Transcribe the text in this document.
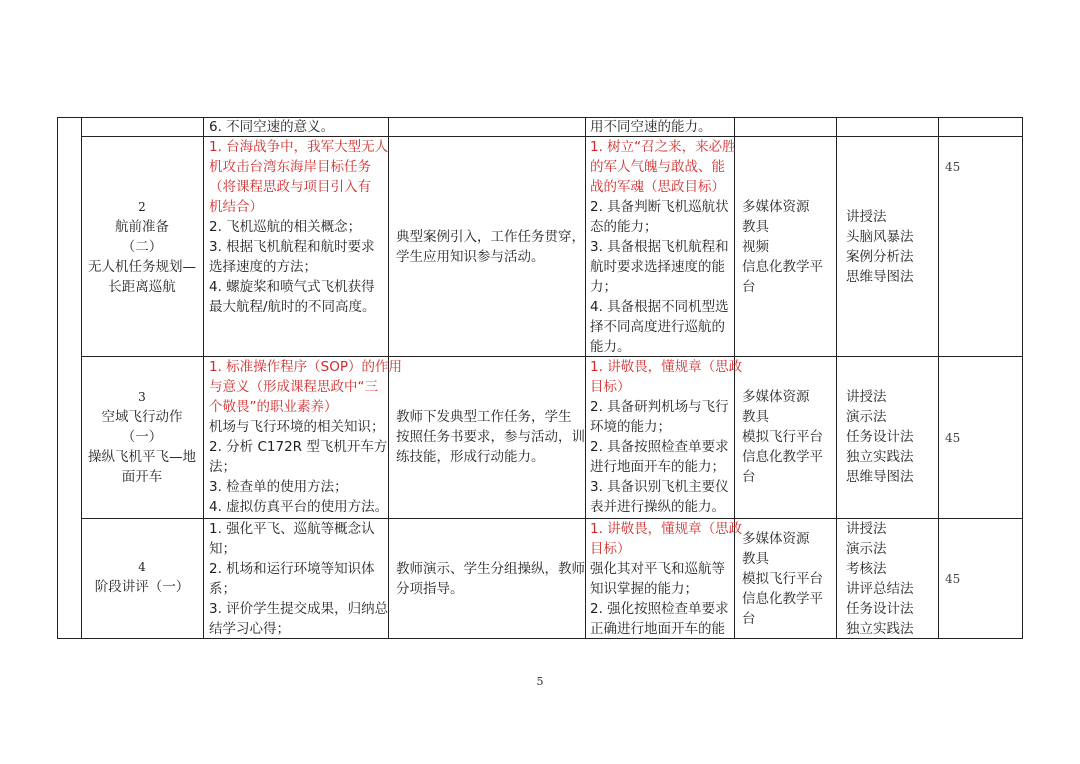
6. 不同空速的意义。	用不同空速的能力。
2
航前准备
（二）
无人机任务规划—
长距离巡航
1. 台海战争中，我军大型无人
机攻击台湾东海岸目标任务
（将课程思政与项目引入有
机结合）
2. 飞机巡航的相关概念；
3. 根据飞机航程和航时要求
选择速度的方法；
4. 螺旋桨和喷气式飞机获得
最大航程/航时的不同高度。
典型案例引入，工作任务贯穿，
学生应用知识参与活动。
1. 树立“召之来，来必胜
的军人气魄与敢战、能
战的军魂（思政目标）
2. 具备判断飞机巡航状
态的能力；
3. 具备根据飞机航程和
航时要求选择速度的能
力；
4. 具备根据不同机型选
择不同高度进行巡航的
能力。
多媒体资源
教具
视频
信息化教学平
台
讲授法
头脑风暴法
案例分析法
思维导图法
45
3
空域飞行动作
（一）
操纵飞机平飞—地
面开车
1. 标准操作程序（SOP）的作用
与意义（形成课程思政中“三
个敬畏”的职业素养）
机场与飞行环境的相关知识；
2. 分析 C172R 型飞机开车方
法；
3. 检查单的使用方法；
4. 虚拟仿真平台的使用方法。
教师下发典型工作任务，学生
按照任务书要求，参与活动，训
练技能，形成行动能力。
1. 讲敬畏，懂规章（思政
目标）
2. 具备研判机场与飞行
环境的能力；
2. 具备按照检查单要求
进行地面开车的能力；
3. 具备识别飞机主要仪
表并进行操纵的能力。
多媒体资源
教具
模拟飞行平台
信息化教学平
台
讲授法
演示法
任务设计法
独立实践法
思维导图法
45
4
阶段讲评（一）
1. 强化平飞、巡航等概念认
知；
2. 机场和运行环境等知识体
系；
3. 评价学生提交成果，归纳总
结学习心得；
教师演示、学生分组操纵，教师
分项指导。
1. 讲敬畏，懂规章（思政
目标）
强化其对平飞和巡航等
知识掌握的能力；
2. 强化按照检查单要求
正确进行地面开车的能
多媒体资源
教具
模拟飞行平台
信息化教学平
台
讲授法
演示法
考核法
讲评总结法
任务设计法
独立实践法
45
5
